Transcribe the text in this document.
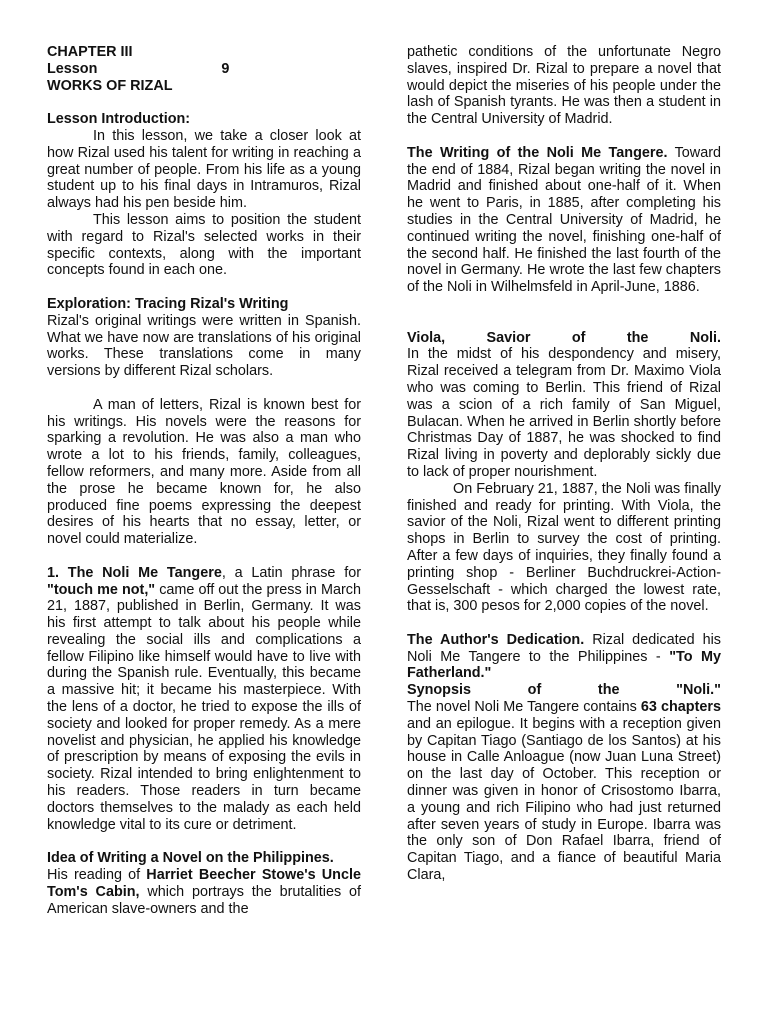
CHAPTER III
Lesson	9
WORKS OF RIZAL
Lesson Introduction:

In this lesson, we take a closer look at how Rizal used his talent for writing in reaching a great number of people. From his life as a young student up to his final days in Intramuros, Rizal always had his pen beside him.

This lesson aims to position the student with regard to Rizal's selected works in their specific contexts, along with the important concepts found in each one.

Exploration: Tracing Rizal's Writing

Rizal's original writings were written in Spanish. What we have now are translations of his original works. These translations come in many versions by different Rizal scholars.

A man of letters, Rizal is known best for his writings. His novels were the reasons for sparking a revolution. He was also a man who wrote a lot to his friends, family, colleagues, fellow reformers, and many more. Aside from all the prose he became known for, he also produced fine poems expressing the deepest desires of his hearts that no essay, letter, or novel could materialize.

1. The Noli Me Tangere, a Latin phrase for "touch me not," came off out the press in March 21, 1887, published in Berlin, Germany. It was his first attempt to talk about his people while revealing the social ills and complications a fellow Filipino like himself would have to live with during the Spanish rule. Eventually, this became a massive hit; it became his masterpiece. With the lens of a doctor, he tried to expose the ills of society and looked for proper remedy. As a mere novelist and physician, he applied his knowledge of prescription by means of exposing the evils in society. Rizal intended to bring enlightenment to his readers. Those readers in turn became doctors themselves to the malady as each held knowledge vital to its cure or detriment.

Idea of Writing a Novel on the Philippines.

His reading of Harriet Beecher Stowe's Uncle Tom's Cabin, which portrays the brutalities of American slave-owners and the

pathetic conditions of the unfortunate Negro slaves, inspired Dr. Rizal to prepare a novel that would depict the miseries of his people under the lash of Spanish tyrants. He was then a student in the Central University of Madrid.

The Writing of the Noli Me Tangere. Toward the end of 1884, Rizal began writing the novel in Madrid and finished about one-half of it. When he went to Paris, in 1885, after completing his studies in the Central University of Madrid, he continued writing the novel, finishing one-half of the second half. He finished the last fourth of the novel in Germany. He wrote the last few chapters of the Noli in Wilhelmsfeld in April-June, 1886.

Viola, Savior of the Noli.

In the midst of his despondency and misery, Rizal received a telegram from Dr. Maximo Viola who was coming to Berlin. This friend of Rizal was a scion of a rich family of San Miguel, Bulacan. When he arrived in Berlin shortly before Christmas Day of 1887, he was shocked to find Rizal living in poverty and deplorably sickly due to lack of proper nourishment.

On February 21, 1887, the Noli was finally finished and ready for printing. With Viola, the savior of the Noli, Rizal went to different printing shops in Berlin to survey the cost of printing. After a few days of inquiries, they finally found a printing shop - Berliner Buchdruckrei-Action-Gesselschaft - which charged the lowest rate, that is, 300 pesos for 2,000 copies of the novel.

The Author's Dedication. Rizal dedicated his Noli Me Tangere to the Philippines - "To My Fatherland."

Synopsis of the "Noli."

The novel Noli Me Tangere contains 63 chapters and an epilogue. It begins with a reception given by Capitan Tiago (Santiago de los Santos) at his house in Calle Anloague (now Juan Luna Street) on the last day of October. This reception or dinner was given in honor of Crisostomo Ibarra, a young and rich Filipino who had just returned after seven years of study in Europe. Ibarra was the only son of Don Rafael Ibarra, friend of Capitan Tiago, and a fiance of beautiful Maria Clara,
